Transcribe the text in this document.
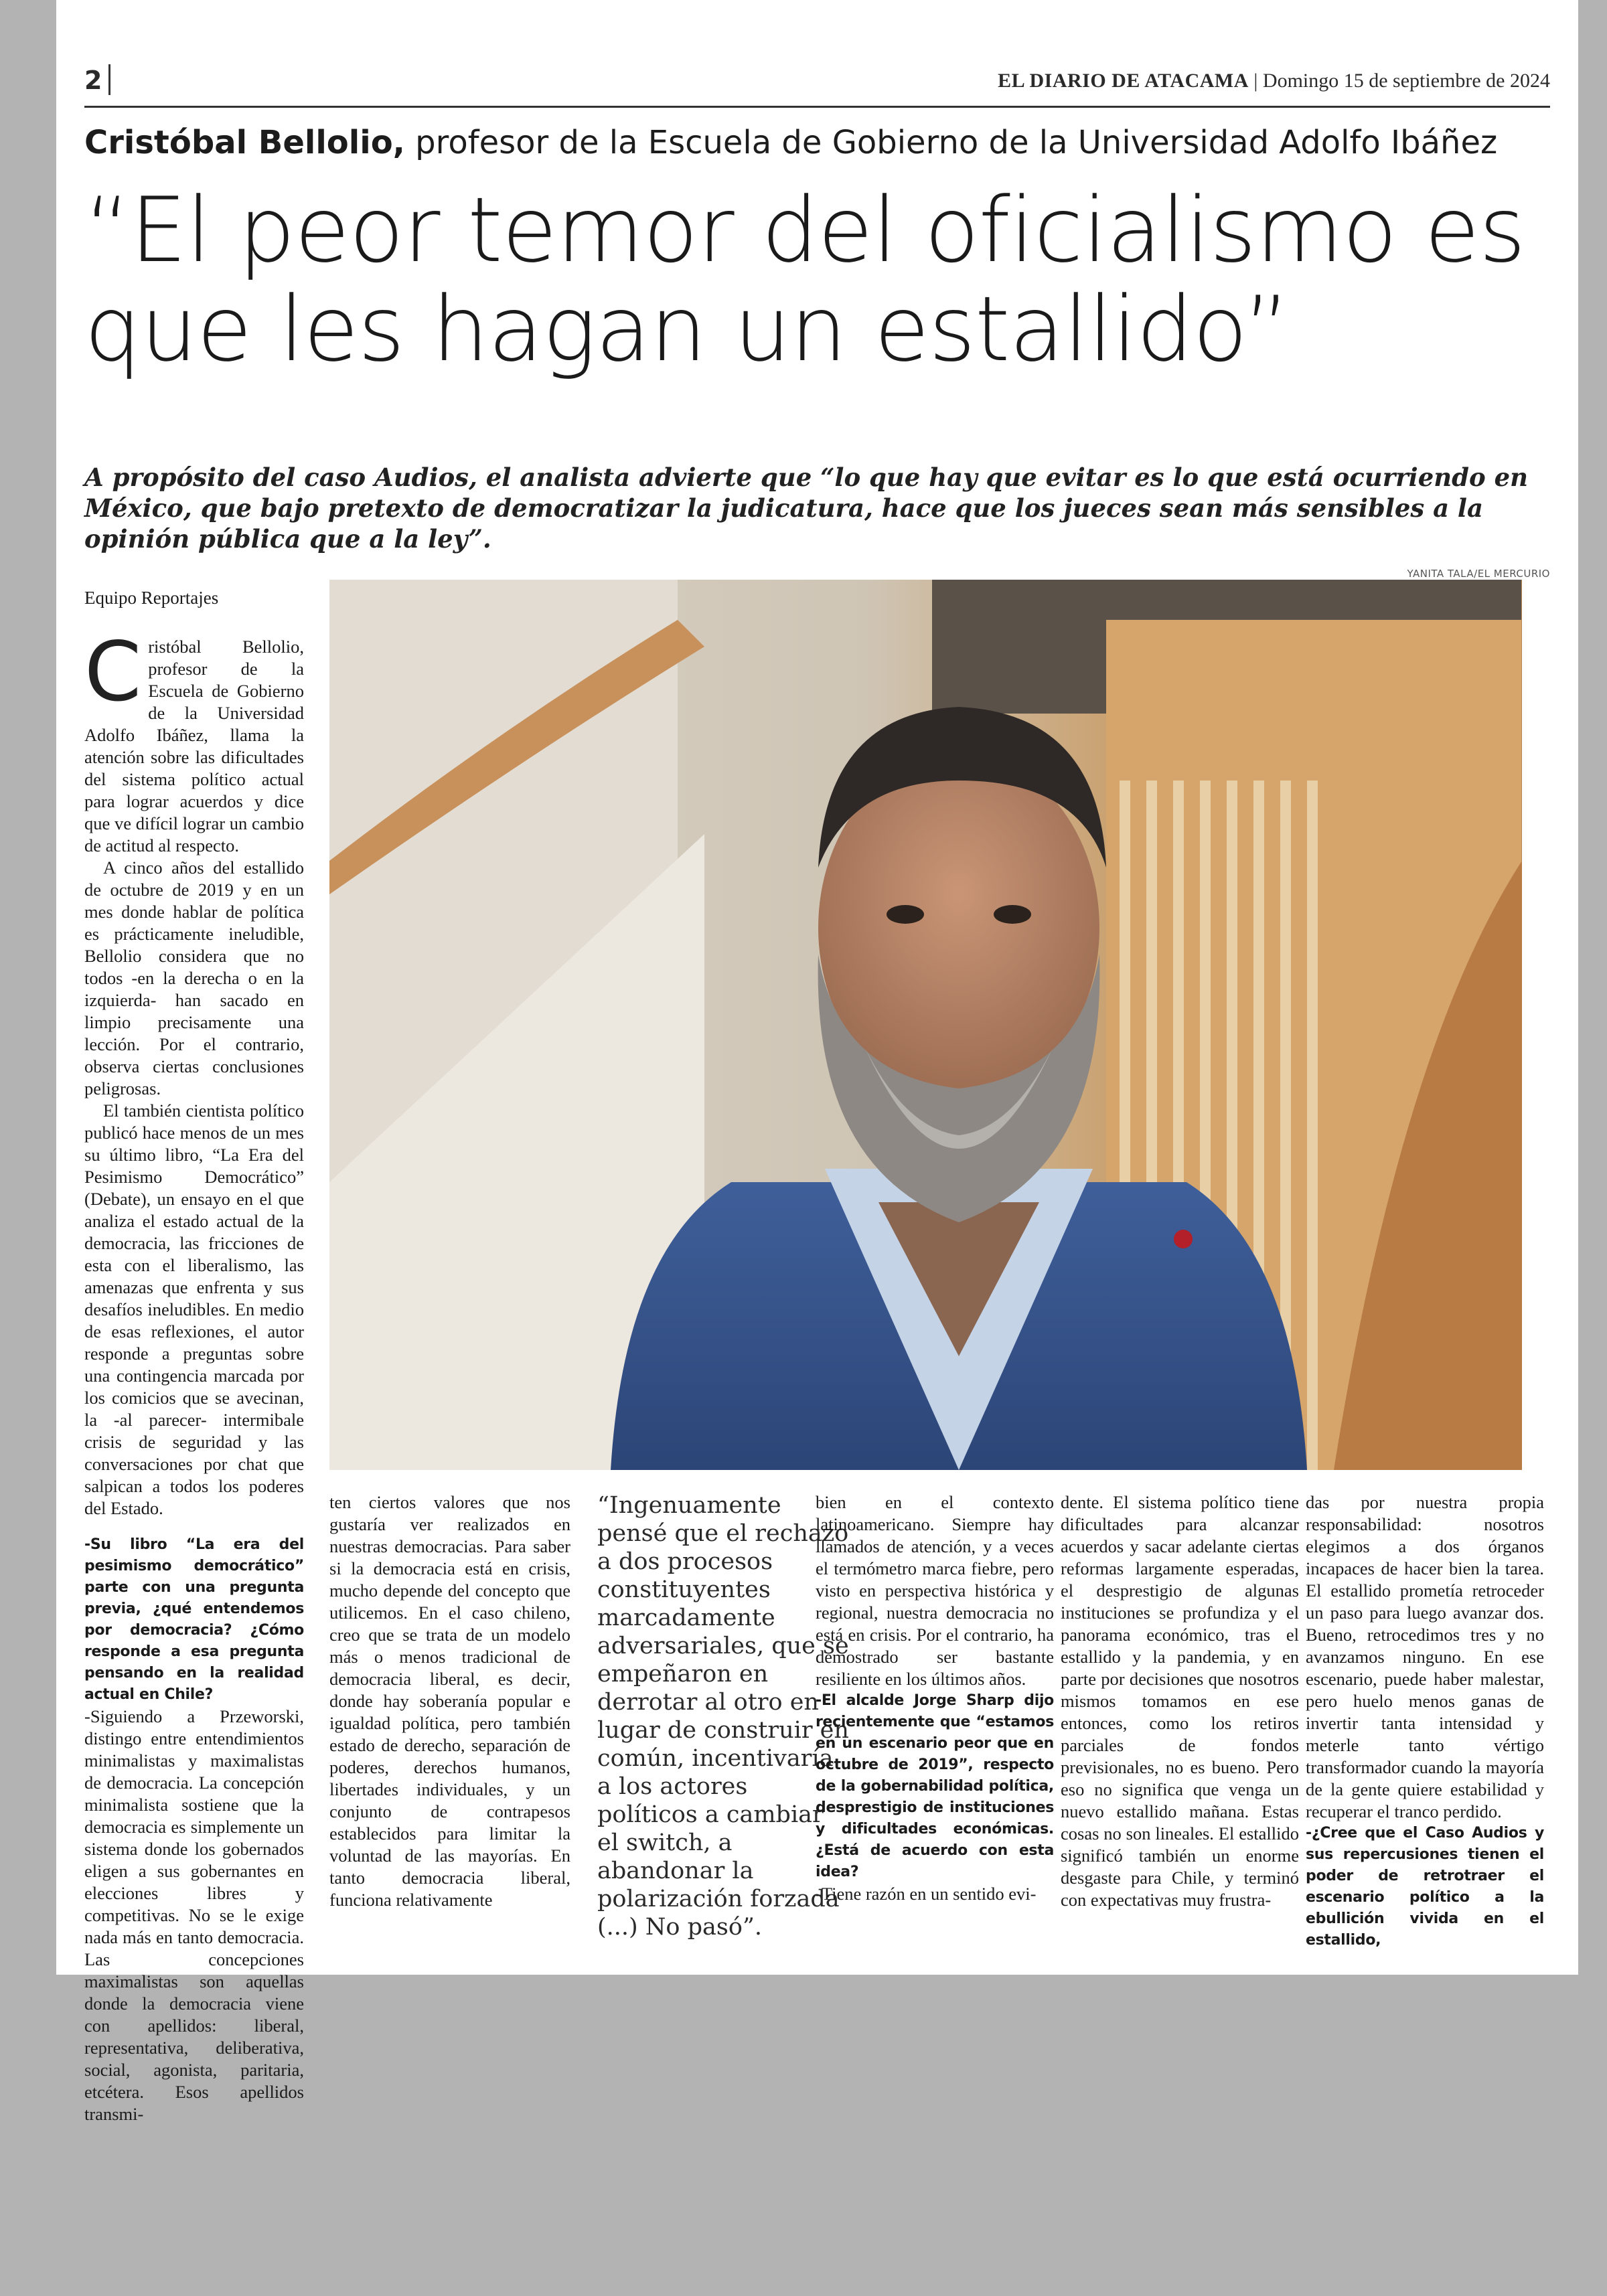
2	EL DIARIO DE ATACAMA | Domingo 15 de septiembre de 2024
Cristóbal Bellolio, profesor de la Escuela de Gobierno de la Universidad Adolfo Ibáñez
“El peor temor del oficialismo es que les hagan un estallido”
A propósito del caso Audios, el analista advierte que “lo que hay que evitar es lo que está ocurriendo en México, que bajo pretexto de democratizar la judicatura, hace que los jueces sean más sensibles a la opinión pública que a la ley”.
YANITA TALA/EL MERCURIO
Equipo Reportajes

Cristóbal Bellolio, profesor de la Escuela de Gobierno de la Universidad Adolfo Ibáñez, llama la atención sobre las dificultades del sistema político actual para lograr acuerdos y dice que ve difícil lograr un cambio de actitud al respecto.

A cinco años del estallido de octubre de 2019 y en un mes donde hablar de política es prácticamente ineludible, Bellolio considera que no todos -en la derecha o en la izquierda- han sacado en limpio precisamente una lección. Por el contrario, observa ciertas conclusiones peligrosas.

El también cientista político publicó hace menos de un mes su último libro, “La Era del Pesimismo Democrático” (Debate), un ensayo en el que analiza el estado actual de la democracia, las fricciones de esta con el liberalismo, las amenazas que enfrenta y sus desafíos ineludibles. En medio de esas reflexiones, el autor responde a preguntas sobre una contingencia marcada por los comicios que se avecinan, la -al parecer- intermibale crisis de seguridad y las conversaciones por chat que salpican a todos los poderes del Estado.

-Su libro “La era del pesimismo democrático” parte con una pregunta previa, ¿qué entendemos por democracia? ¿Cómo responde a esa pregunta pensando en la realidad actual en Chile?

-Siguiendo a Przeworski, distingo entre entendimientos minimalistas y maximalistas de democracia. La concepción minimalista sostiene que la democracia es simplemente un sistema donde los gobernados eligen a sus gobernantes en elecciones libres y competitivas. No se le exige nada más en tanto democracia. Las concepciones maximalistas son aquellas donde la democracia viene con apellidos: liberal, representativa, deliberativa, social, agonista, paritaria, etcétera. Esos apellidos transmi-

ten ciertos valores que nos gustaría ver realizados en nuestras democracias. Para saber si la democracia está en crisis, mucho depende del concepto que utilicemos. En el caso chileno, creo que se trata de un modelo más o menos tradicional de democracia liberal, es decir, donde hay soberanía popular e igualdad política, pero también estado de derecho, separación de poderes, derechos humanos, libertades individuales, y un conjunto de contrapesos establecidos para limitar la voluntad de las mayorías. En tanto democracia liberal, funciona relativamente

“Ingenuamente pensé que el rechazo a dos procesos constituyentes marcadamente adversariales, que se empeñaron en derrotar al otro en lugar de construir en común, incentivaría a los actores políticos a cambiar el switch, a abandonar la polarización forzada (...) No pasó”.

bien en el contexto latinoamericano. Siempre hay llamados de atención, y a veces el termómetro marca fiebre, pero visto en perspectiva histórica y regional, nuestra democracia no está en crisis. Por el contrario, ha demostrado ser bastante resiliente en los últimos años.

-El alcalde Jorge Sharp dijo recientemente que “estamos en un escenario peor que en octubre de 2019”, respecto de la gobernabilidad política, desprestigio de instituciones y dificultades económicas. ¿Está de acuerdo con esta idea?

-Tiene razón en un sentido evi-

dente. El sistema político tiene dificultades para alcanzar acuerdos y sacar adelante ciertas reformas largamente esperadas, el desprestigio de algunas instituciones se profundiza y el panorama económico, tras el estallido y la pandemia, y en parte por decisiones que nosotros mismos tomamos en ese entonces, como los retiros parciales de fondos previsionales, no es bueno. Pero eso no significa que venga un nuevo estallido mañana. Estas cosas no son lineales. El estallido significó también un enorme desgaste para Chile, y terminó con expectativas muy frustra-

das por nuestra propia responsabilidad: nosotros elegimos a dos órganos incapaces de hacer bien la tarea. El estallido prometía retroceder un paso para luego avanzar dos. Bueno, retrocedimos tres y no avanzamos ninguno. En ese escenario, puede haber malestar, pero huelo menos ganas de invertir tanta intensidad y meterle tanto vértigo transformador cuando la mayoría de la gente quiere estabilidad y recuperar el tranco perdido.

-¿Cree que el Caso Audios y sus repercusiones tienen el poder de retrotraer el escenario político a la ebullición vivida en el estallido,
